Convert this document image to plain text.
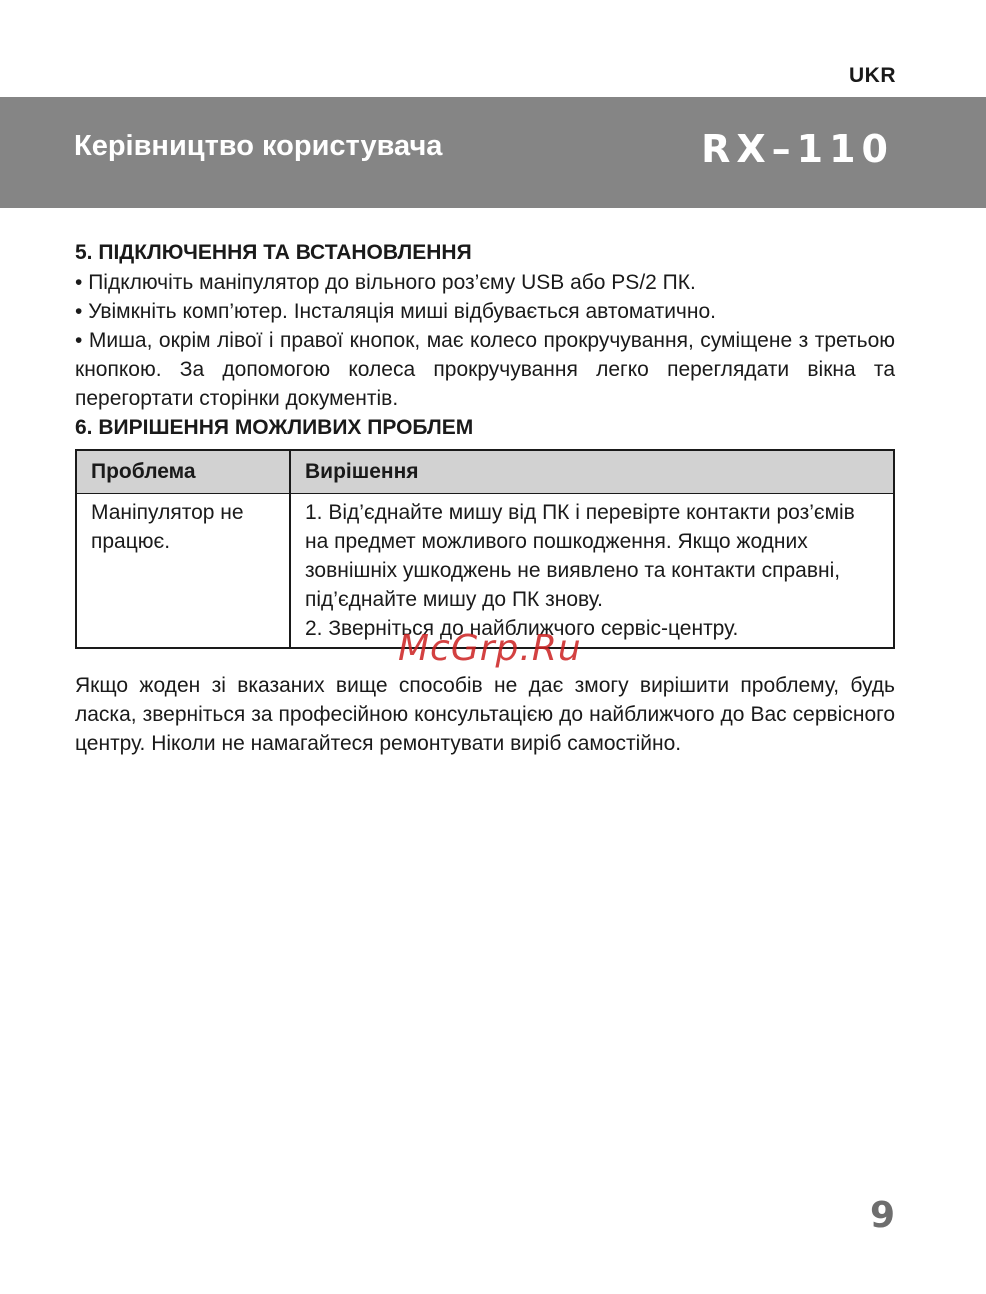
UKR
Керівництво користувача	RX–110
5. ПІДКЛЮЧЕННЯ ТА ВСТАНОВЛЕННЯ
• Підключіть маніпулятор до вільного роз’єму USB або PS/2 ПК.
• Увімкніть комп’ютер. Інсталяція миші відбувається автоматично.
• Миша, окрім лівої і правої кнопок, має колесо прокручування, суміщене з третьою кнопкою. За допомогою колеса прокручування легко переглядати вікна та перегортати сторінки документів.
6. ВИРІШЕННЯ МОЖЛИВИХ ПРОБЛЕМ
Проблема	Вирішення
Маніпулятор не працює.	1. Від’єднайте мишу від ПК і перевірте контакти роз’ємів на предмет можливого пошкодження. Якщо жодних зовнішніх ушкоджень не виявлено та контакти справні, під’єднайте мишу до ПК знову.
2. Зверніться до найближчого сервіс-центру.

Якщо жоден зі вказаних вище способів не дає змогу вирішити проблему, будь ласка, зверніться за професійною консультацією до найближчого до Вас сервісного центру. Ніколи не намагайтеся ремонтувати виріб самостійно.

McGrp.Ru
9
